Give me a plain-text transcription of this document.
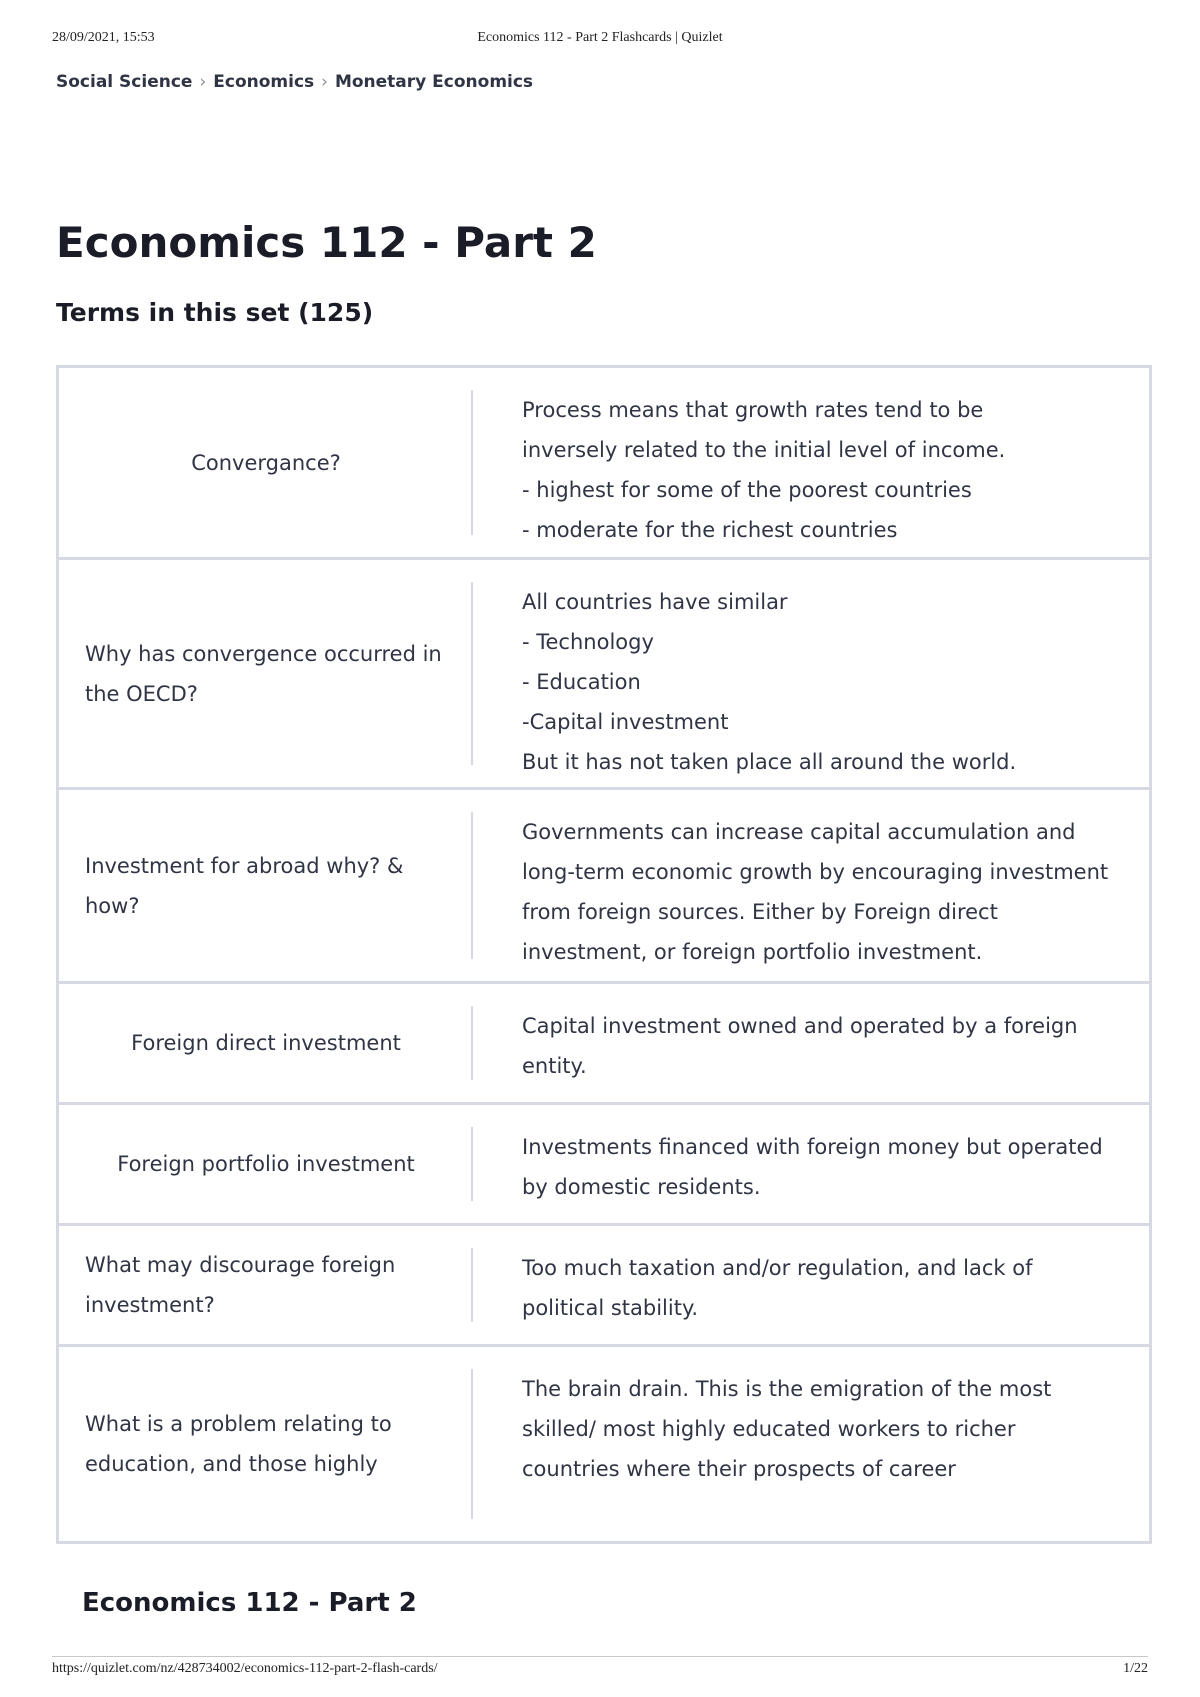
28/09/2021, 15:53	Economics 112 - Part 2 Flashcards | Quizlet
Social Science › Economics › Monetary Economics
Economics 112 - Part 2
Terms in this set (125)
Convergance?
Process means that growth rates tend to be
inversely related to the initial level of income.
- highest for some of the poorest countries
- moderate for the richest countries
Why has convergence occurred in the OECD?
All countries have similar
- Technology
- Education
-Capital investment
But it has not taken place all around the world.
Investment for abroad why? & how?
Governments can increase capital accumulation and long-term economic growth by encouraging investment from foreign sources. Either by Foreign direct investment, or foreign portfolio investment.
Foreign direct investment
Capital investment owned and operated by a foreign entity.
Foreign portfolio investment
Investments financed with foreign money but operated by domestic residents.
What may discourage foreign investment?
Too much taxation and/or regulation, and lack of political stability.
What is a problem relating to education, and those highly
The brain drain. This is the emigration of the most skilled/ most highly educated workers to richer countries where their prospects of career
Economics 112 - Part 2
https://quizlet.com/nz/428734002/economics-112-part-2-flash-cards/	1/22
